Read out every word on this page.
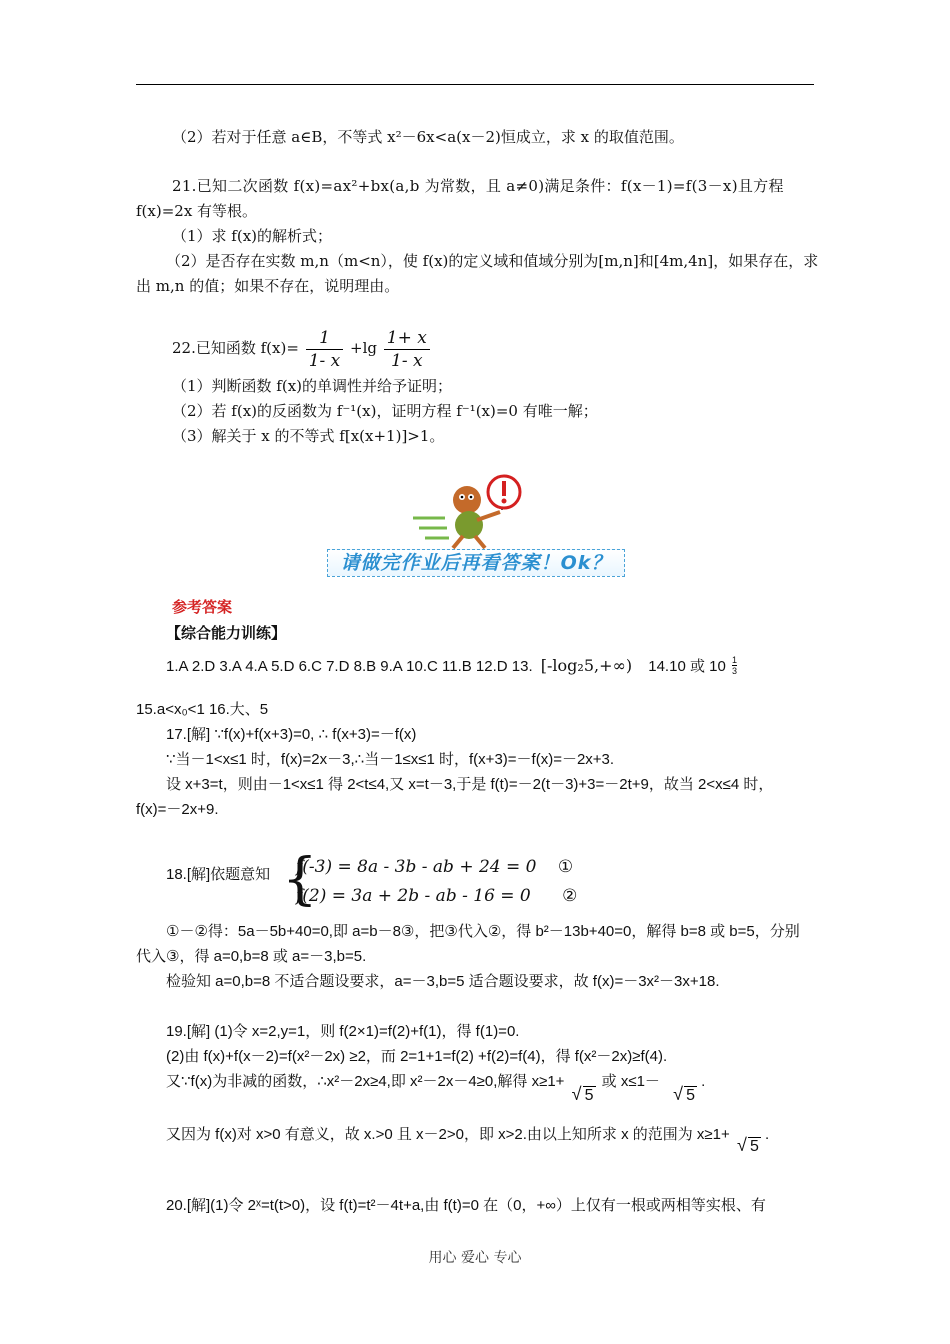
（2）若对于任意 a∈B，不等式 x²－6x<a(x－2)恒成立，求 x 的取值范围。
21.已知二次函数 f(x)=ax²+bx(a,b 为常数，且 a≠0)满足条件：f(x－1)=f(3－x)且方程
f(x)=2x 有等根。
（1）求 f(x)的解析式；
（2）是否存在实数 m,n（m<n），使 f(x)的定义域和值域分别为[m,n]和[4m,4n]，如果存在，求
出 m,n 的值；如果不存在，说明理由。
22.已知函数 $f(x)= \frac{1}{1- x} +\lg \frac{1+ x}{1- x}$
（1）判断函数 f(x)的单调性并给予证明；
（2）若 f(x)的反函数为 f⁻¹(x)，证明方程 f⁻¹(x)=0 有唯一解；
（3）解关于 x 的不等式 f[x(x+1)]>1。
请做完作业后再看答案！Ok？
参考答案
【综合能力训练】
1.A 2.D 3.A 4.A 5.D 6.C 7.D 8.B 9.A 10.C 11.B 12.D 13. [-log₂5,+∞) 14.10 或 $10 \frac{1}{3}$
15.a<x₀<1 16.大、5
17.[解] ∵f(x)+f(x+3)=0, ∴ f(x+3)=－f(x)
∵当－1<x≤1 时，f(x)=2x－3,∴当－1≤x≤1 时，f(x+3)=－f(x)=－2x+3.
设 x+3=t，则由－1<x≤1 得 2<t≤4,又 x=t－3,于是 f(t)=－2(t－3)+3=－2t+9，故当 2<x≤4 时，
f(x)=－2x+9.
18.[解]依题意知 {
f(-3) = 8a - 3b - ab + 24 = 0 ①
f(2) = 3a + 2b - ab - 16 = 0 ②
①－②得：5a－5b+40=0,即 a=b－8③，把③代入②，得 b²－13b+40=0，解得 b=8 或 b=5，分别
代入③，得 a=0,b=8 或 a=－3,b=5.
检验知 a=0,b=8 不适合题设要求，a=－3,b=5 适合题设要求，故 f(x)=－3x²－3x+18.
19.[解] (1)令 x=2,y=1，则 f(2×1)=f(2)+f(1)，得 f(1)=0.
(2)由 f(x)+f(x－2)=f(x²－2x) ≥2，而 2=1+1=f(2) +f(2)=f(4)，得 f(x²－2x)≥f(4).
又∵f(x)为非减的函数，∴x²－2x≥4,即 x²－2x－4≥0,解得 x≥1+ √ 5 或 x≤1－ √ 5 .
又因为 f(x)对 x>0 有意义，故 x.>0 且 x－2>0，即 x>2.由以上知所求 x 的范围为 x≥1+ √ 5 .
20.[解](1)令 2ˣ=t(t>0)，设 f(t)=t²－4t+a,由 f(t)=0 在（0，+∞）上仅有一根或两相等实根、有
用心 爱心 专心
